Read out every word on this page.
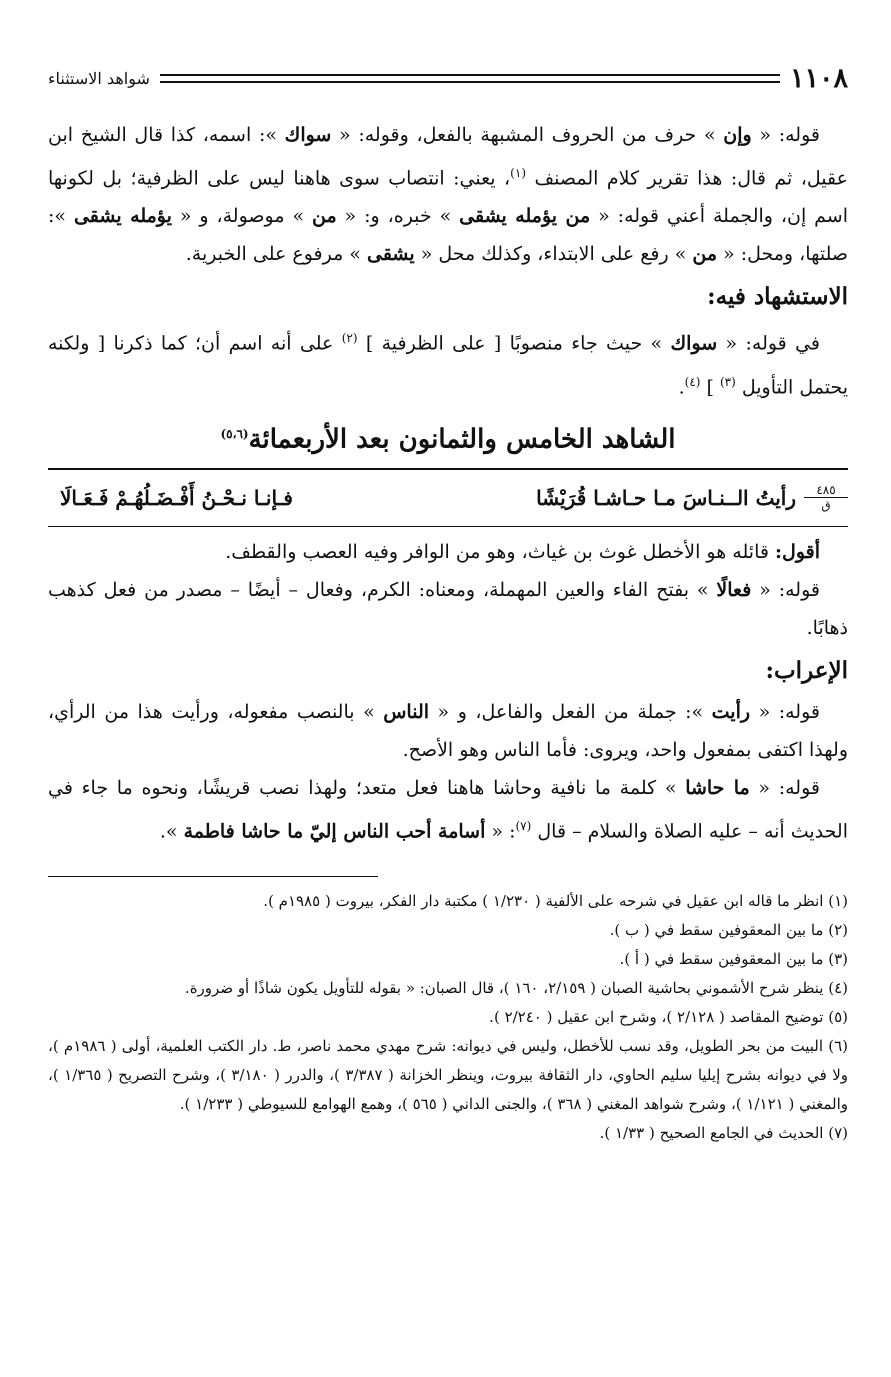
١١٠٨
شواهد الاستثناء

قوله: « وإن » حرف من الحروف المشبهة بالفعل، وقوله: « سواك »: اسمه، كذا قال الشيخ ابن عقيل، ثم قال: هذا تقرير كلام المصنف $^{(١)}$، يعني: انتصاب سوى هاهنا ليس على الظرفية؛ بل لكونها اسم إن، والجملة أعني قوله: « من يؤمله يشقى » خبره، و: « من » موصولة، و « يؤمله يشقى »: صلتها، ومحل: « من » رفع على الابتداء، وكذلك محل « يشقى » مرفوع على الخبرية.

الاستشهاد فيه:

في قوله: « سواك » حيث جاء منصوبًا [ على الظرفية ] $^{(٢)}$ على أنه اسم أن؛ كما ذكرنا [ ولكنه يحتمل التأويل $^{(٣)}$ ] $^{(٤)}$.

الشاهد الخامس والثمانون بعد الأربعمائة$^{(٥،٦)}$
٤٨٥
ق
رأيتُ الــنـاسَ مـا حـاشـا قُرَيْشًا
فـإنـا نـحْـنُ أَفْـضَـلُهُـمْ فَـعَـالَا

أقول: قائله هو الأخطل غوث بن غياث، وهو من الوافر وفيه العصب والقطف.

قوله: « فعالًا » بفتح الفاء والعين المهملة، ومعناه: الكرم، وفعال – أيضًا – مصدر من فعل كذهب ذهابًا.

الإعراب:

قوله: « رأيت »: جملة من الفعل والفاعل، و « الناس » بالنصب مفعوله، ورأيت هذا من الرأي، ولهذا اكتفى بمفعول واحد، ويروى: فأما الناس وهو الأصح.

قوله: « ما حاشا » كلمة ما نافية وحاشا هاهنا فعل متعد؛ ولهذا نصب قريشًا، ونحوه ما جاء في الحديث أنه – عليه الصلاة والسلام – قال $^{(٧)}$: « أسامة أحب الناس إليّ ما حاشا فاطمة ».

(١) انظر ما قاله ابن عقيل في شرحه على الألفية ( ١/٢٣٠ ) مكتبة دار الفكر، بيروت ( ١٩٨٥م ).

(٢) ما بين المعقوفين سقط في ( ب ).

(٣) ما بين المعقوفين سقط في ( أ ).

(٤) ينظر شرح الأشموني بحاشية الصبان ( ٢/١٥٩، ١٦٠ )، قال الصبان: « بقوله للتأويل يكون شاذًا أو ضرورة.

(٥) توضيح المقاصد ( ٢/١٢٨ )، وشرح ابن عقيل ( ٢/٢٤٠ ).

(٦) البيت من بحر الطويل، وقد نسب للأخطل، وليس في ديوانه: شرح مهدي محمد ناصر، ط. دار الكتب العلمية، أولى ( ١٩٨٦م )، ولا في ديوانه بشرح إيليا سليم الحاوي، دار الثقافة بيروت، وينظر الخزانة ( ٣/٣٨٧ )، والدرر ( ٣/١٨٠ )، وشرح التصريح ( ١/٣٦٥ )، والمغني ( ١/١٢١ )، وشرح شواهد المغني ( ٣٦٨ )، والجنى الداني ( ٥٦٥ )، وهمع الهوامع للسيوطي ( ١/٢٣٣ ).

(٧) الحديث في الجامع الصحيح ( ١/٣٣ ).
